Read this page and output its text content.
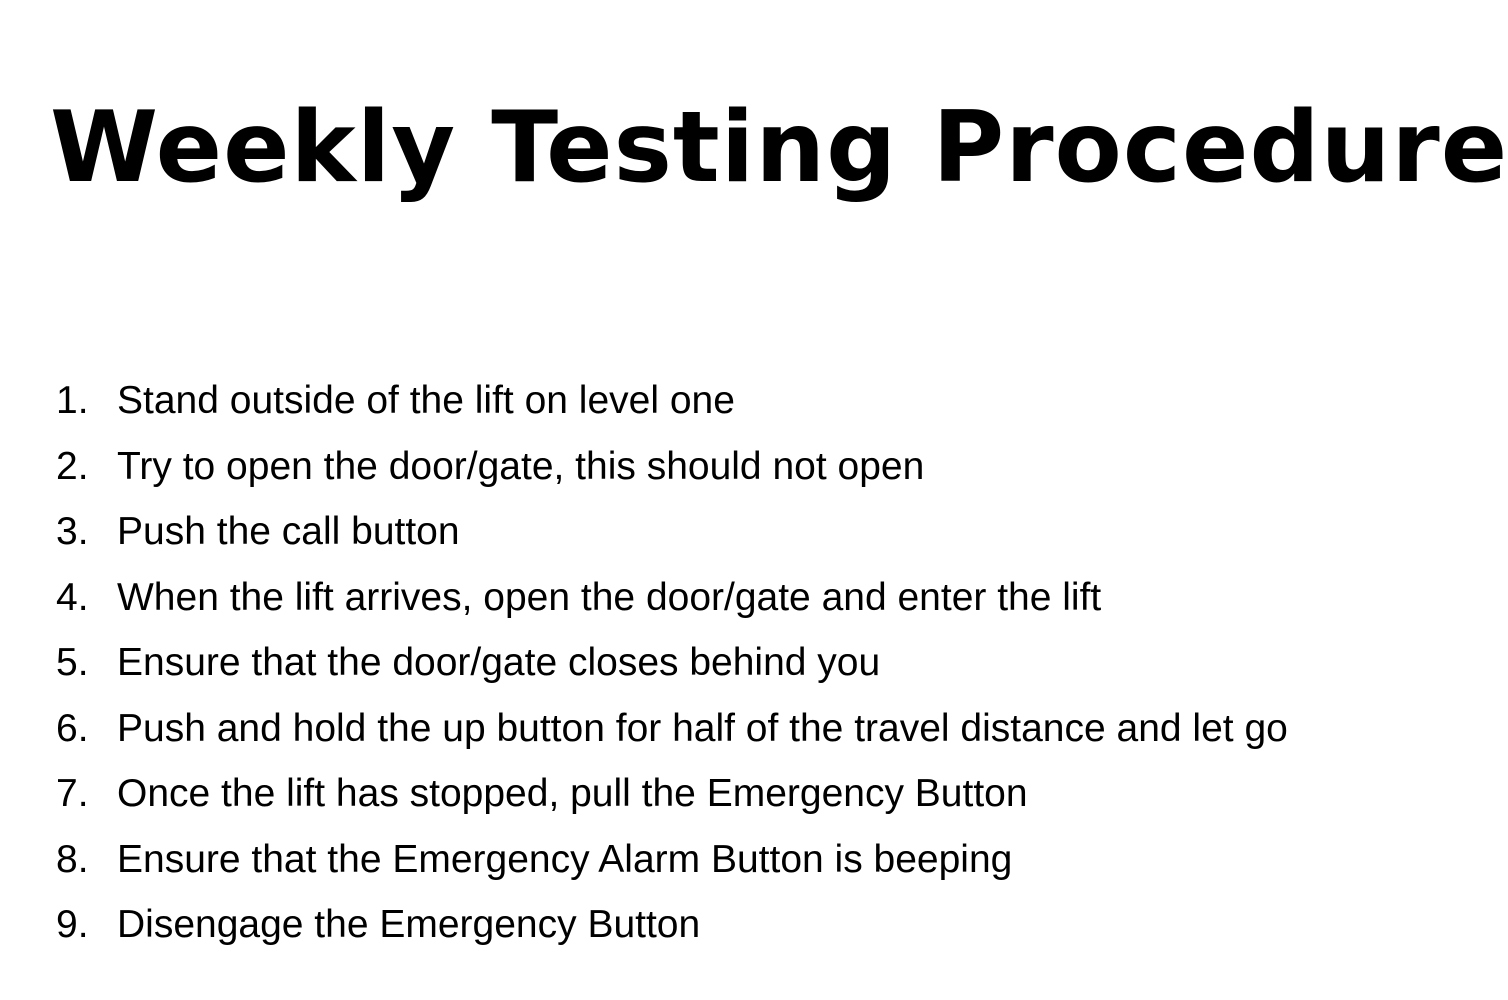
Weekly Testing Procedure
1. Stand outside of the lift on level one
2. Try to open the door/gate, this should not open
3. Push the call button
4. When the lift arrives, open the door/gate and enter the lift
5. Ensure that the door/gate closes behind you
6. Push and hold the up button for half of the travel distance and let go
7. Once the lift has stopped, pull the Emergency Button
8. Ensure that the Emergency Alarm Button is beeping
9. Disengage the Emergency Button
